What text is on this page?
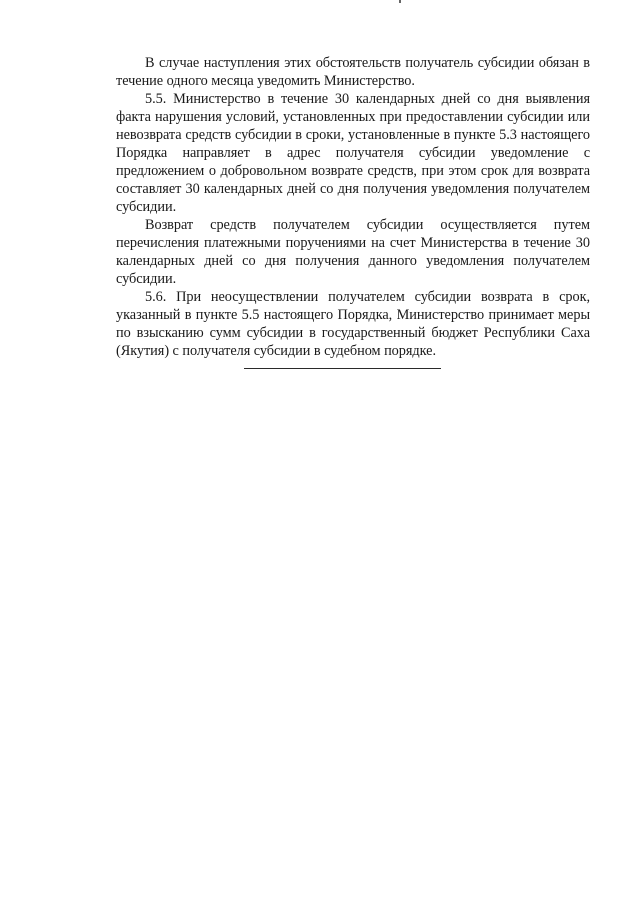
В случае наступления этих обстоятельств получатель субсидии обязан в течение одного месяца уведомить Министерство.

5.5. Министерство в течение 30 календарных дней со дня выявления факта нарушения условий, установленных при предоставлении субсидии или невозврата средств субсидии в сроки, установленные в пункте 5.3 настоящего Порядка направляет в адрес получателя субсидии уведомление с предложением о добровольном возврате средств, при этом срок для возврата составляет 30 календарных дней со дня получения уведомления получателем субсидии.

Возврат средств получателем субсидии осуществляется путем перечисления платежными поручениями на счет Министерства в течение 30 календарных дней со дня получения данного уведомления получателем субсидии.

5.6. При неосуществлении получателем субсидии возврата в срок, указанный в пункте 5.5 настоящего Порядка, Министерство принимает меры по взысканию сумм субсидии в государственный бюджет Республики Саха (Якутия) с получателя субсидии в судебном порядке.
